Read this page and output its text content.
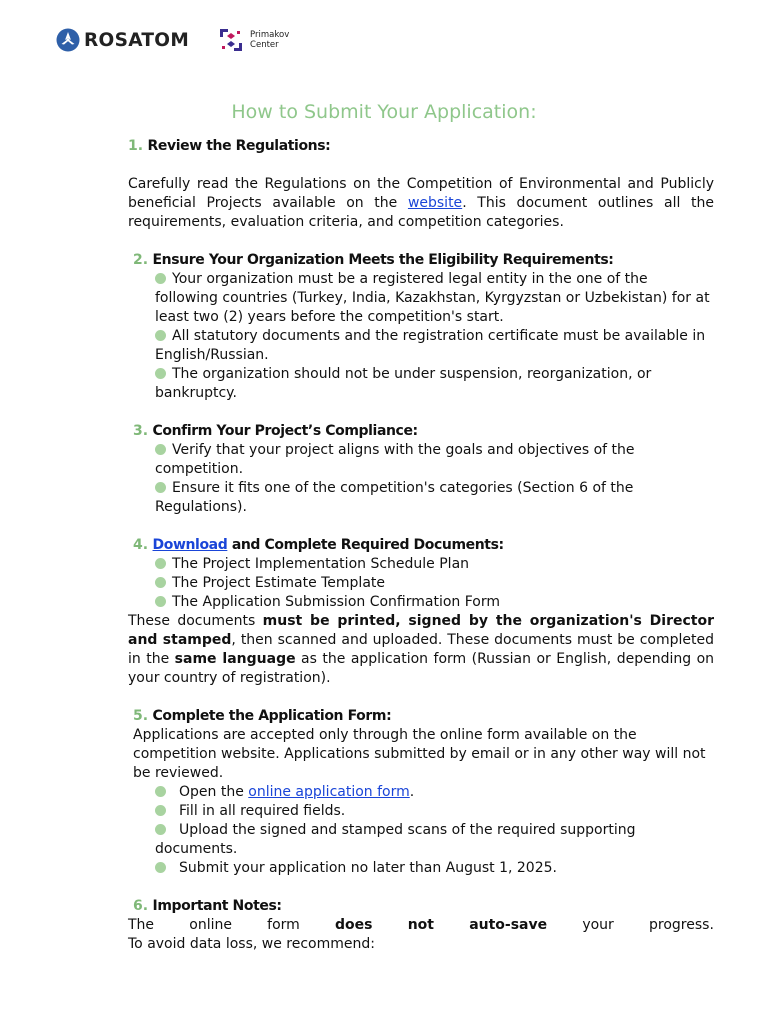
ROSATOM	Primakov
Center
How to Submit Your Application:

1. Review the Regulations:

Carefully read the Regulations on the Competition of Environmental and Publicly beneficial Projects available on the website. This document outlines all the requirements, evaluation criteria, and competition categories.

2. Ensure Your Organization Meets the Eligibility Requirements:

Your organization must be a registered legal entity in the one of the following countries (Turkey, India, Kazakhstan, Kyrgyzstan or Uzbekistan) for at least two (2) years before the competition's start.

All statutory documents and the registration certificate must be available in English/Russian.

The organization should not be under suspension, reorganization, or bankruptcy.

3. Confirm Your Project’s Compliance:

Verify that your project aligns with the goals and objectives of the competition.

Ensure it fits one of the competition's categories (Section 6 of the Regulations).

4. Download and Complete Required Documents:

The Project Implementation Schedule Plan

The Project Estimate Template

The Application Submission Confirmation Form

These documents must be printed, signed by the organization's Director and stamped, then scanned and uploaded. These documents must be completed in the same language as the application form (Russian or English, depending on your country of registration).

5. Complete the Application Form:

Applications are accepted only through the online form available on the competition website. Applications submitted by email or in any other way will not be reviewed.

Open the online application form.

Fill in all required fields.

Upload the signed and stamped scans of the required supporting documents.

Submit your application no later than August 1, 2025.

6. Important Notes:

The	online	form	does	not	auto-save	your	progress.

To avoid data loss, we recommend:
